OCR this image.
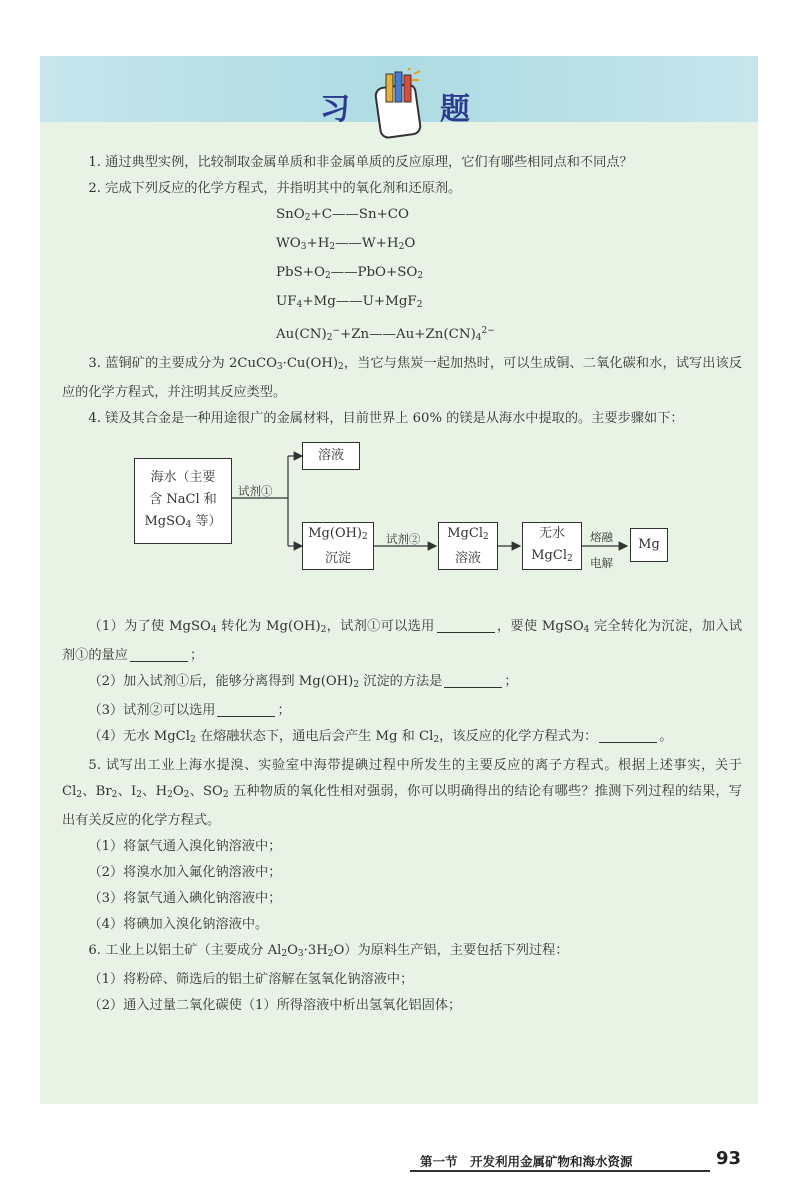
习	题

1. 通过典型实例，比较制取金属单质和非金属单质的反应原理，它们有哪些相同点和不同点？

2. 完成下列反应的化学方程式，并指明其中的氧化剂和还原剂。

SnO$_2$+C——Sn+CO

$WO_3+H_2——W+H_2O$

$PbS+O_2——PbO+SO_2$

$UF_4+Mg——U+MgF_2$

$Au(CN)_2^-+Zn——Au+Zn(CN)_4^{2-}$

3. 蓝铜矿的主要成分为 $2CuCO_3\cdot Cu(OH)_2$，当它与焦炭一起加热时，可以生成铜、二氧化碳和水，试写出该反应的化学方程式，并注明其反应类型。

4. 镁及其合金是一种用途很广的金属材料，目前世界上 60% 的镁是从海水中提取的。主要步骤如下：

海水（主要
含 NaCl 和
MgSO$_4$ 等）
试剂①
溶液
$Mg(OH)_2$
沉淀
试剂② MgCl$_2$
溶液
无水
MgCl$_2$
熔融
电解
Mg

（1）为了使 MgSO$_4$ 转化为 $Mg(OH)_2$，试剂①可以选用	，要使 MgSO$_4$ 完全转化为沉淀，加入试剂①的量应	；

（2）加入试剂①后，能够分离得到 $Mg(OH)_2$ 沉淀的方法是	；

（3）试剂②可以选用	；

（4）无水 MgCl$_2$ 在熔融状态下，通电后会产生 Mg 和 $Cl_2$，该反应的化学方程式为：	。

5. 试写出工业上海水提溴、实验室中海带提碘过程中所发生的主要反应的离子方程式。根据上述事实，关于 $Cl_2$、$Br_2$、$I_2$、$H_2O_2$、$SO_2$ 五种物质的氧化性相对强弱，你可以明确得出的结论有哪些？推测下列过程的结果，写出有关反应的化学方程式。

（1）将氯气通入溴化钠溶液中；

（2）将溴水加入氟化钠溶液中；

（3）将氯气通入碘化钠溶液中；

（4）将碘加入溴化钠溶液中。

6. 工业上以铝土矿（主要成分 $Al_2O_3\cdot 3H_2O$）为原料生产铝，主要包括下列过程：

（1）将粉碎、筛选后的铝土矿溶解在氢氧化钠溶液中；

（2）通入过量二氧化碳使（1）所得溶液中析出氢氧化铝固体；

第一节　开发利用金属矿物和海水资源	93
